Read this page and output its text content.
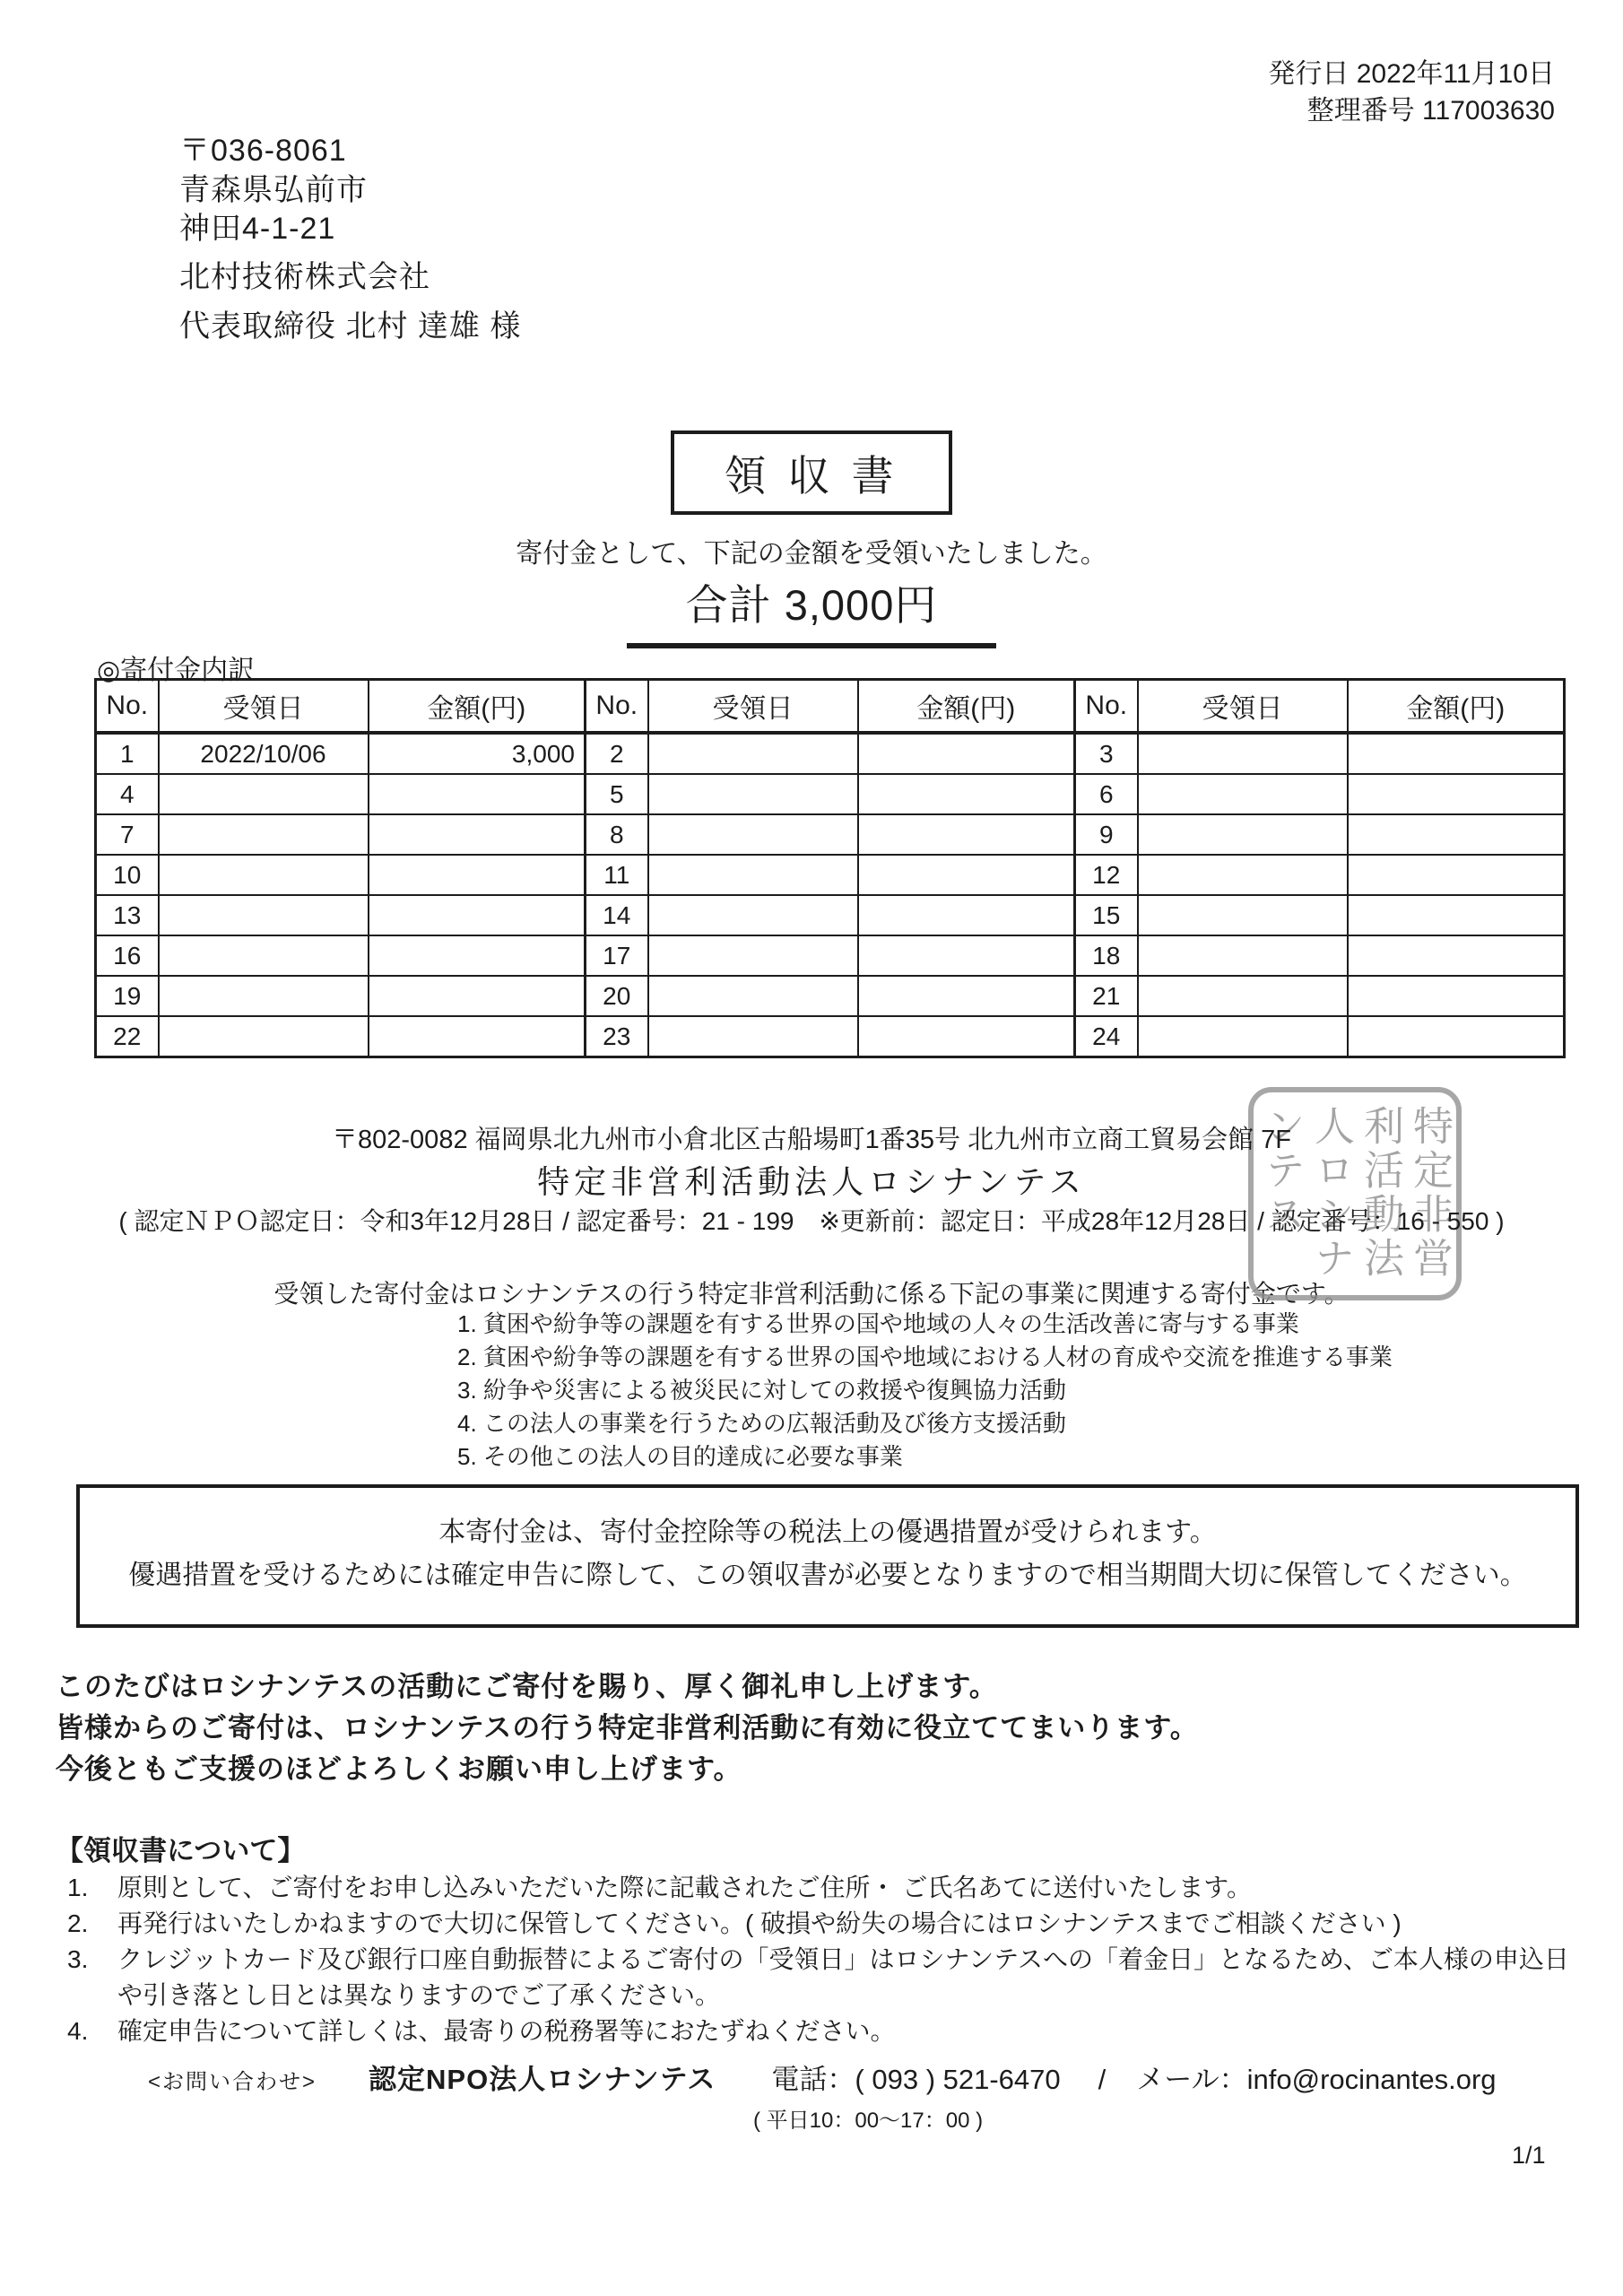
発行日 2022年11月10日
整理番号 117003630
〒036-8061
青森県弘前市
神田4-1-21
北村技術株式会社
代表取締役 北村 達雄 様
領収書
寄付金として、下記の金額を受領いたしました。
合計 3,000円
◎寄付金内訳
No.	受領日	金額(円)	No.	受領日	金額(円)	No.	受領日	金額(円)
1	2022/10/06	3,000	2			3		
4			5			6		
7			8			9		
10			11			12		
13			14			15		
16			17			18		
19			20			21		
22			23			24		
〒802-0082 福岡県北九州市小倉北区古船場町1番35号 北九州市立商工貿易会館 7F
特定非営利活動法人ロシナンテス
( 認定ＮＰＯ認定日：令和3年12月28日 / 認定番号：21 - 199　※更新前：認定日：平成28年12月28日 / 認定番号：16 - 550 )
特定非営利活動法人ロシナンテス
受領した寄付金はロシナンテスの行う特定非営利活動に係る下記の事業に関連する寄付金です。
1. 貧困や紛争等の課題を有する世界の国や地域の人々の生活改善に寄与する事業
2. 貧困や紛争等の課題を有する世界の国や地域における人材の育成や交流を推進する事業
3. 紛争や災害による被災民に対しての救援や復興協力活動
4. この法人の事業を行うための広報活動及び後方支援活動
5. その他この法人の目的達成に必要な事業
本寄付金は、寄付金控除等の税法上の優遇措置が受けられます。
優遇措置を受けるためには確定申告に際して、この領収書が必要となりますので相当期間大切に保管してください。
このたびはロシナンテスの活動にご寄付を賜り、厚く御礼申し上げます。
皆様からのご寄付は、ロシナンテスの行う特定非営利活動に有効に役立ててまいります。
今後ともご支援のほどよろしくお願い申し上げます。
【領収書について】
1.	原則として、ご寄付をお申し込みいただいた際に記載されたご住所・ ご氏名あてに送付いたします。
2.	再発行はいたしかねますので大切に保管してください。( 破損や紛失の場合にはロシナンテスまでご相談ください )
3.	クレジットカード及び銀行口座自動振替によるご寄付の「受領日」はロシナンテスへの「着金日」となるため、ご本人様の申込日や引き落とし日とは異なりますのでご了承ください。
4.	確定申告について詳しくは、最寄りの税務署等におたずねください。
<お問い合わせ> 認定NPO法人ロシナンテス 電話：( 093 ) 521-6470 / メール：info@rocinantes.org
( 平日10：00～17：00 )
1/1
